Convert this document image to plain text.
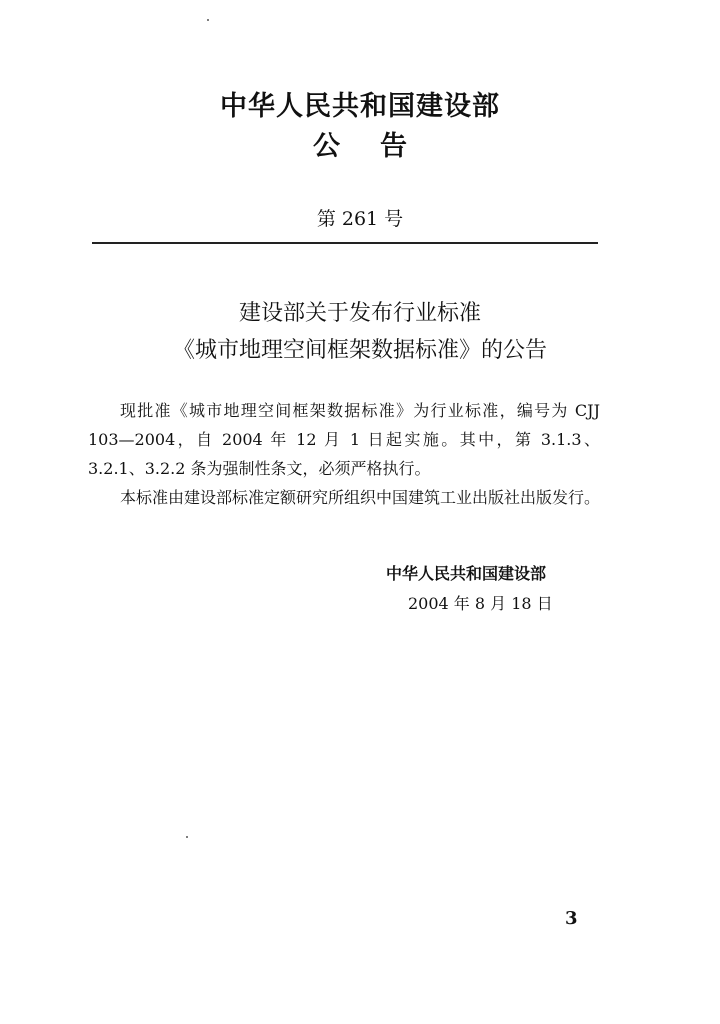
中华人民共和国建设部
公告
第 261 号
建设部关于发布行业标准
《城市地理空间框架数据标准》的公告

现批准《城市地理空间框架数据标准》为行业标准，编号为 CJJ 103—2004，自 2004 年 12 月 1 日起实施。其中，第 3.1.3、3.2.1、3.2.2 条为强制性条文，必须严格执行。

本标准由建设部标准定额研究所组织中国建筑工业出版社出版发行。

中华人民共和国建设部
2004 年 8 月 18 日
3
